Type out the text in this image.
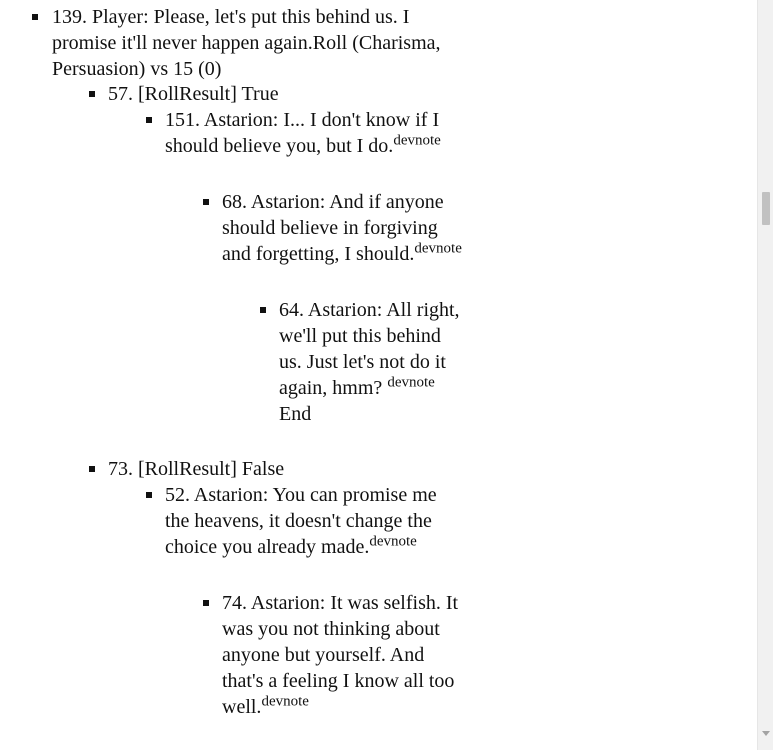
139. Player: Please, let's put this behind us. I promise it'll never happen again.Roll (Charisma, Persuasion) vs 15 (0)
57. [RollResult] True
151. Astarion: I... I don't know if I should believe you, but I do.$^{devnote}$
68. Astarion: And if anyone should believe in forgiving and forgetting, I should.$^{devnote}$
64. Astarion: All right, we'll put this behind us. Just let's not do it again, hmm? $^{devnote}$
End
73. [RollResult] False
52. Astarion: You can promise me the heavens, it doesn't change the choice you already made.$^{devnote}$
74. Astarion: It was selfish. It was you not thinking about anyone but yourself. And that's a feeling I know all too well.$^{devnote}$
